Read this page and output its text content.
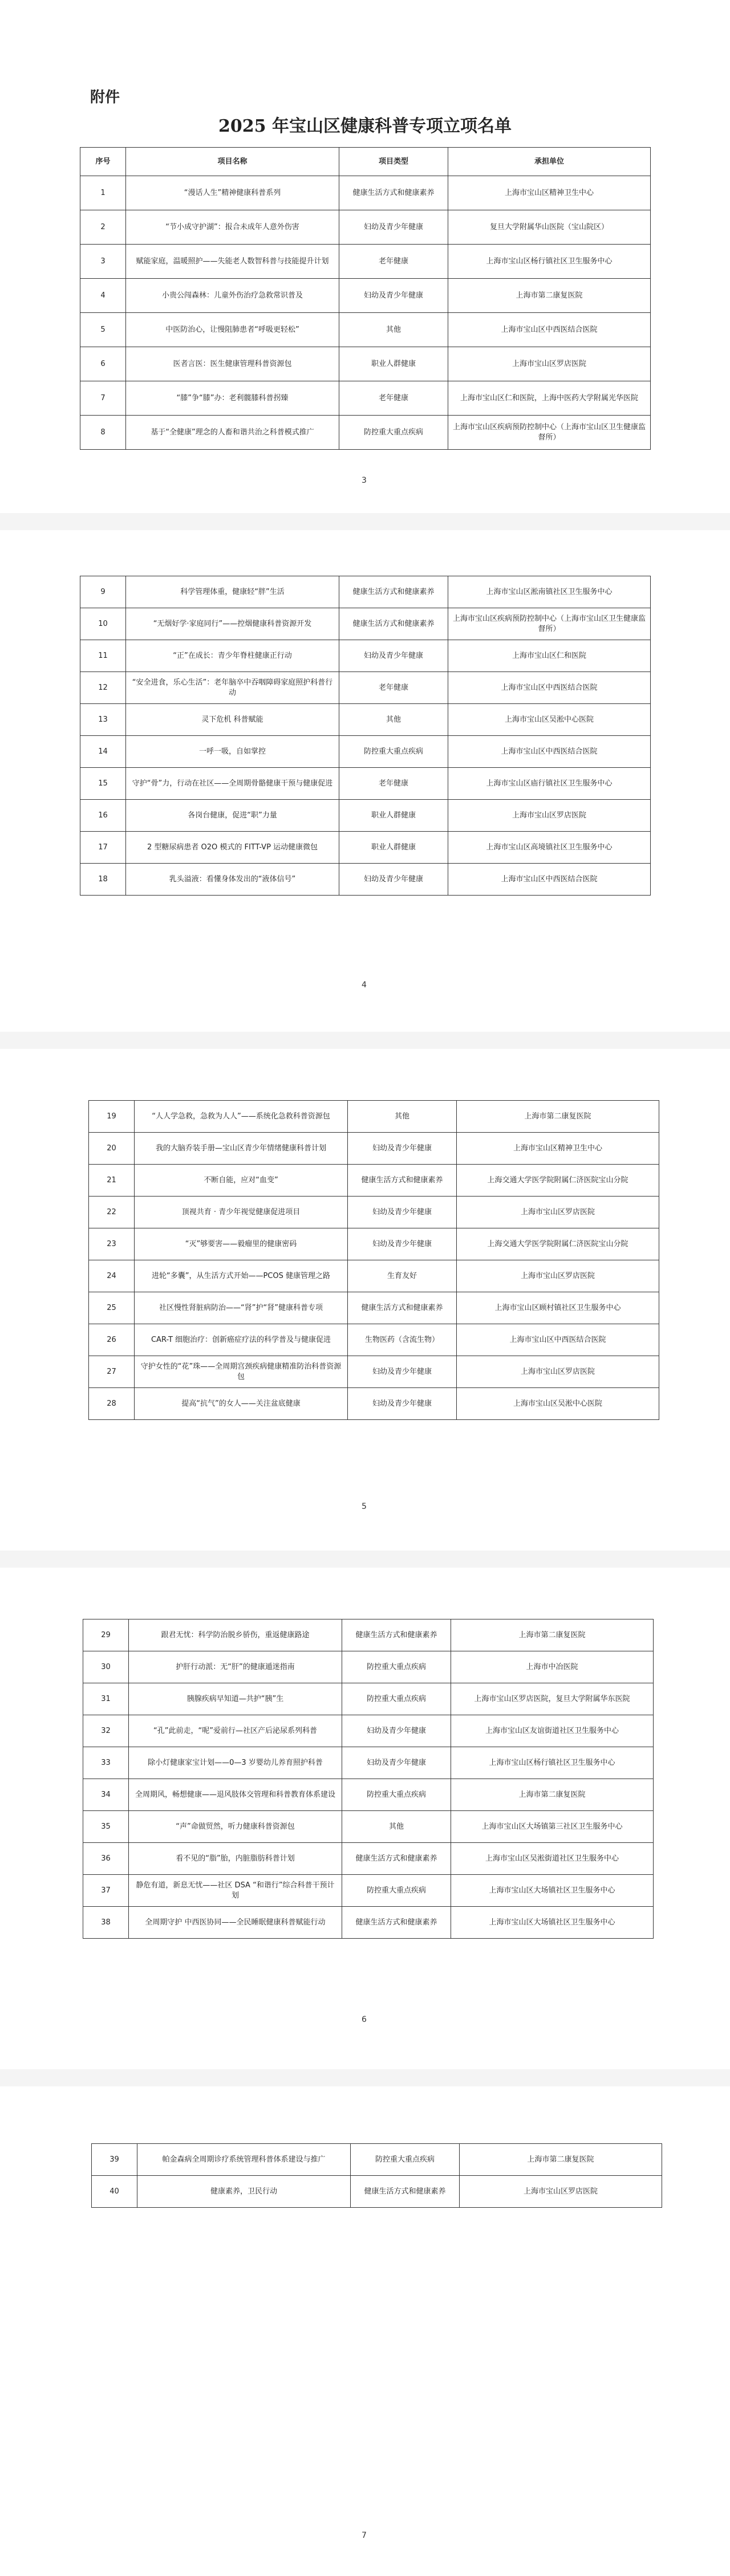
附件
2025 年宝山区健康科普专项立项名单
序号	项目名称	项目类型	承担单位
1	“漫话人生”精神健康科普系列	健康生活方式和健康素养	上海市宝山区精神卫生中心
2	“节小成守护湖”：报合未成年人意外伤害	妇幼及青少年健康	复旦大学附属华山医院（宝山院区）
3	赋能家庭，温暖照护——失能老人数智科普与技能提升计划	老年健康	上海市宝山区杨行镇社区卫生服务中心
4	小贵公闯森林：儿童外伤治疗急救常识普及	妇幼及青少年健康	上海市第二康复医院
5	中医防治心，让慢阻肺患者“呼吸更轻松”	其他	上海市宝山区中西医结合医院
6	医者言医：医生健康管理科普资源包	职业人群健康	上海市宝山区罗店医院
7	“膝”争“膝”办：老利髋膝科普拐臻	老年健康	上海市宝山区仁和医院，上海中医药大学附属光华医院
8	基于“全健康”理念的人畜和谐共治之科普模式推广	防控重大重点疾病	上海市宝山区疾病预防控制中心（上海市宝山区卫生健康监督所）
3
9	科学管理体重，健康轻“胖”生活	健康生活方式和健康素养	上海市宝山区淞南镇社区卫生服务中心
10	“无烟好学·家庭同行”——控烟健康科普资源开发	健康生活方式和健康素养	上海市宝山区疾病预防控制中心（上海市宝山区卫生健康监督所）
11	“正”在成长：青少年脊柱健康正行动	妇幼及青少年健康	上海市宝山区仁和医院
12	“安全进食，乐心生活”：老年脑卒中吞咽障碍家庭照护科普行动	老年健康	上海市宝山区中西医结合医院
13	灵下危机 科普赋能	其他	上海市宝山区吴淞中心医院
14	一呼一吸，自如掌控	防控重大重点疾病	上海市宝山区中西医结合医院
15	守护“骨”力，行动在社区——全周期骨骼健康干预与健康促进	老年健康	上海市宝山区庙行镇社区卫生服务中心
16	各岗台健康，促进“职”力量	职业人群健康	上海市宝山区罗店医院
17	2 型糖尿病患者 O2O 模式的 FITT-VP 运动健康微包	职业人群健康	上海市宝山区高境镇社区卫生服务中心
18	乳头溢液：看懂身体发出的“液体信号”	妇幼及青少年健康	上海市宝山区中西医结合医院
4
19	“人人学急救，急救为人人”——系统化急救科普资源包	其他	上海市第二康复医院
20	我的大脑乔装手册—宝山区青少年情绪健康科普计划	妇幼及青少年健康	上海市宝山区精神卫生中心
21	不断自能，应对“血变”	健康生活方式和健康素养	上海交通大学医学院附属仁济医院宝山分院
22	顶视共育 · 青少年视觉健康促进项目	妇幼及青少年健康	上海市宝山区罗店医院
23	“灭”够要害——毅瘤里的健康密码	妇幼及青少年健康	上海交通大学医学院附属仁济医院宝山分院
24	进轮“多囊”，从生活方式开始——PCOS 健康管理之路	生育友好	上海市宝山区罗店医院
25	社区慢性肾脏病防治——“肾”护“肾”健康科普专项	健康生活方式和健康素养	上海市宝山区顾村镇社区卫生服务中心
26	CAR-T 细胞治疗：创新癌症疗法的科学普及与健康促进	生物医药（含流生物）	上海市宝山区中西医结合医院
27	守护女性的“花”珠——全周期宫颈疾病健康精准防治科普资源包	妇幼及青少年健康	上海市宝山区罗店医院
28	提高“抗气”的女人——关注盆底健康	妇幼及青少年健康	上海市宝山区吴淞中心医院
5
29	跟君无忧：科学防治脱乡骄伤，重返健康路途	健康生活方式和健康素养	上海市第二康复医院
30	护肝行动派：无“肝”的健康遁迷指南	防控重大重点疾病	上海市中冶医院
31	胰腺疾病早知道—共护“胰”生	防控重大重点疾病	上海市宝山区罗店医院，复旦大学附属华东医院
32	“孔”此前走，“呢”爱前行—社区产后泌尿系列科普	妇幼及青少年健康	上海市宝山区友谊街道社区卫生服务中心
33	除小灯健康家宝计划——0—3 岁婴幼儿养育照护科普	妇幼及青少年健康	上海市宝山区杨行镇社区卫生服务中心
34	全周期风，畅想健康——退风肢体交管理和科普教育体系建设	防控重大重点疾病	上海市第二康复医院
35	“声”命做贸然，听力健康科普资源包	其他	上海市宝山区大场镇第三社区卫生服务中心
36	看不见的“脂”胎，内脏脂肪科普计划	健康生活方式和健康素养	上海市宝山区吴淞街道社区卫生服务中心
37	静危有道，新息无忧——社区 DSA “和谐行”综合科普干预计划	防控重大重点疾病	上海市宝山区大场镇社区卫生服务中心
38	全周期守护 中西医协同——全民睡眠健康科普赋能行动	健康生活方式和健康素养	上海市宝山区大场镇社区卫生服务中心
6
39	帕金森病全周期诊疗系统管理科普体系建设与推广	防控重大重点疾病	上海市第二康复医院
40	健康素养，卫民行动	健康生活方式和健康素养	上海市宝山区罗店医院
7
